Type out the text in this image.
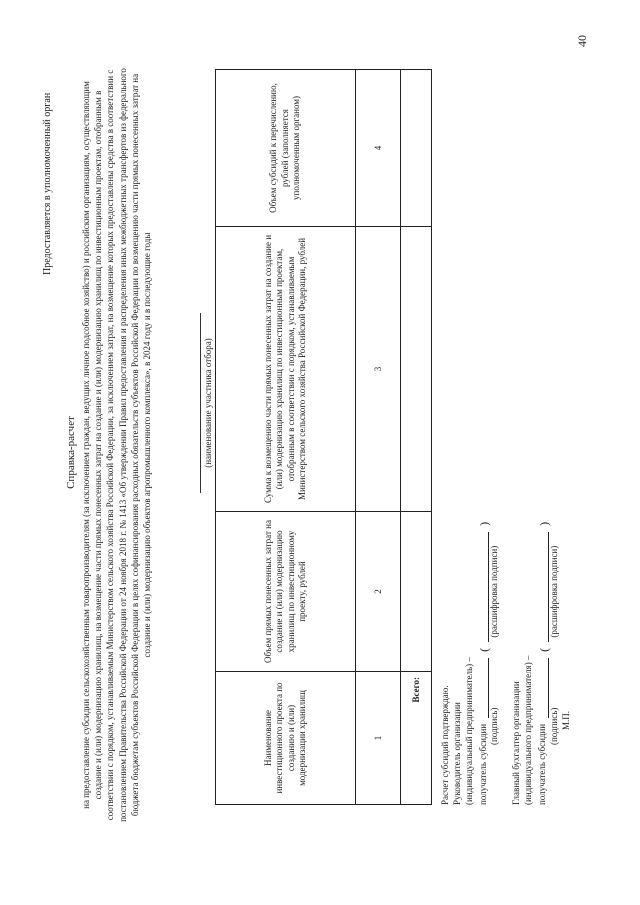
40
Предоставляется в уполномоченный орган
Справка-расчет на предоставление субсидии сельскохозяйственным товаропроизводителям (за исключением граждан, ведущих личное подсобное хозяйство) и российским организациям, осуществляющим создание и (или) модернизацию хранилищ, на возмещение части прямых понесенных затрат на создание и (или) модернизацию хранилищ по инвестиционным проектам, отобранным в соответствии с порядком, устанавливаемым Министерством сельского хозяйства Российской Федерации, за исключением затрат, на возмещение которых предоставлены средства в соответствии с постановлением Правительства Российской Федерации от 24 ноября 2018 г. № 1413 «Об утверждении Правил предоставления и распределения иных межбюджетных трансфертов из федерального бюджета бюджетам субъектов Российской Федерации в целях софинансирования расходных обязательств субъектов Российской Федерации по возмещению части прямых понесенных затрат на создание и (или) модернизацию объектов агропромышленного комплекса», в 2024 году и в последующие годы	(наименование участника отбора)
Наименование инвестиционного проекта по созданию и (или) модернизации хранилищ	Объем прямых понесенных затрат на создание и (или) модернизацию хранилищ по инвестиционному проекту, рублей	Сумма к возмещению части прямых понесенных затрат на создание и (или) модернизацию хранилищ по инвестиционным проектам, отобранным в соответствии с порядком, устанавливаемым Министерством сельского хозяйства Российской Федерации, рублей	Объем субсидий к перечислению, рублей (заполняется уполномоченным органом)
1	2	3	4
Всего:			Расчет субсидий подтверждаю. Руководитель организации (индивидуальный предприниматель) – получатель субсидии
(
)
(подпись)
(расшифровка подписи)
Главный бухгалтер организации (индивидуального предпринимателя) – получатель субсидии
(
)
(подпись)
(расшифровка подписи)
М.П.
